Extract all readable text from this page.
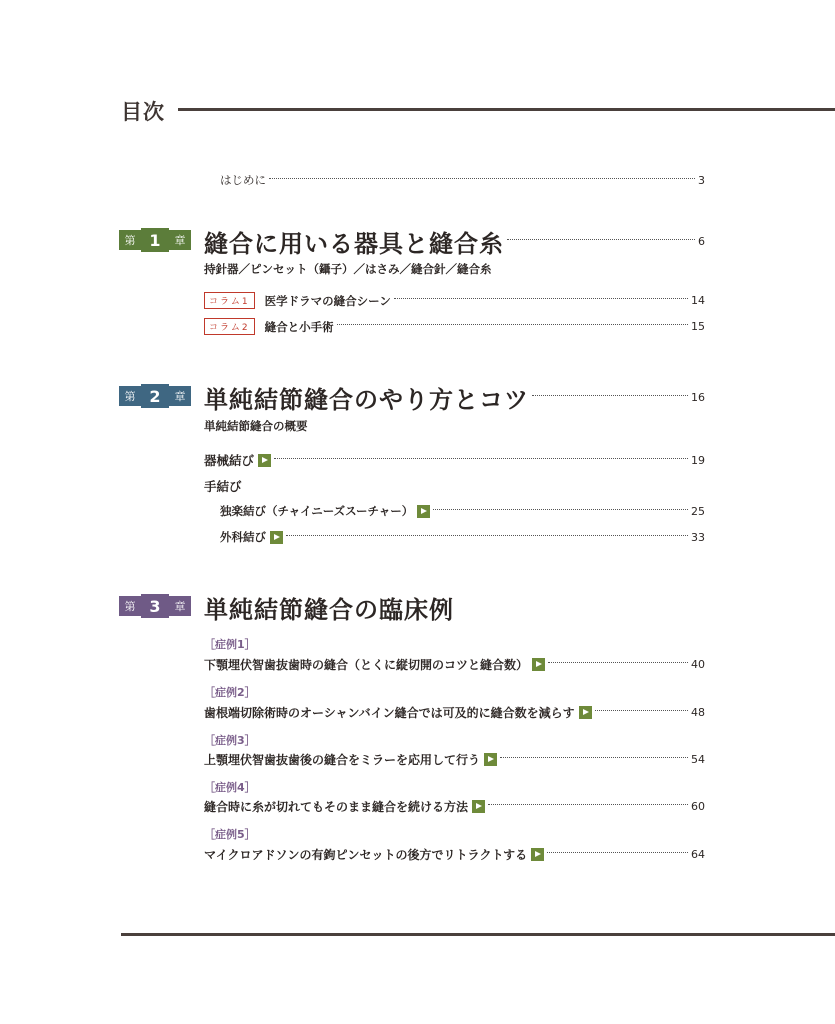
目次
はじめに	3
第 1	章 縫合に用いる器具と縫合糸	6
持針器／ピンセット（鑷子）／はさみ／縫合針／縫合糸
コラム1	医学ドラマの縫合シーン	14
コラム2	縫合と小手術	15
第 2	章 単純結節縫合のやり方とコツ	16
単純結節縫合の概要
器械結び	19
手結び
独楽結び（チャイニーズスーチャー）	25
外科結び	33
第 3	章 単純結節縫合の臨床例
［症例1］
下顎埋伏智歯抜歯時の縫合（とくに縦切開のコツと縫合数）	40
［症例2］
歯根端切除術時のオーシャンバイン縫合では可及的に縫合数を減らす	48
［症例3］
上顎埋伏智歯抜歯後の縫合をミラーを応用して行う	54
［症例4］
縫合時に糸が切れてもそのまま縫合を続ける方法	60
［症例5］
マイクロアドソンの有鉤ピンセットの後方でリトラクトする	64
